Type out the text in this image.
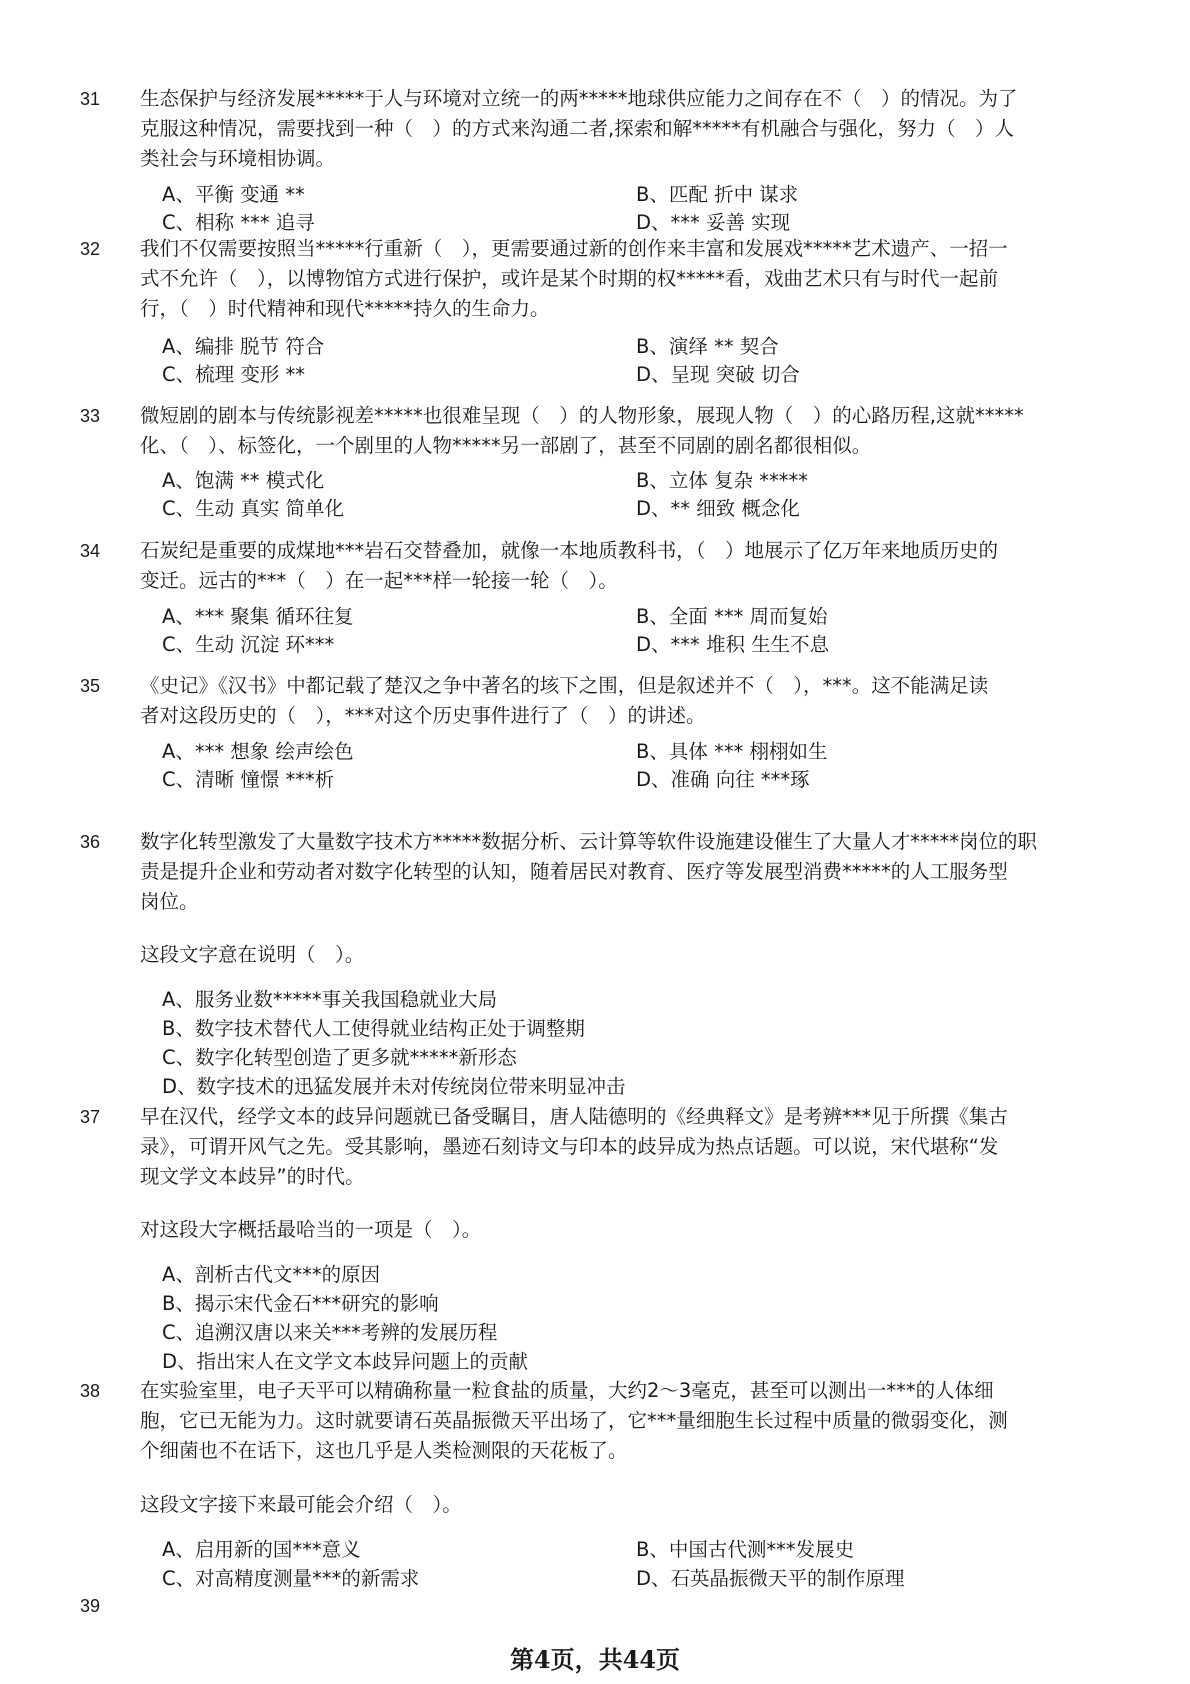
31 生态保护与经济发展*****于人与环境对立统一的两*****地球供应能力之间存在不（　）的情况。为了
克服这种情况，需要找到一种（　）的方式来沟通二者,探索和解*****有机融合与强化，努力（　）人
类社会与环境相协调。
A、平衡 变通 **	B、匹配 折中 谋求
C、相称 *** 追寻	D、*** 妥善 实现
32 我们不仅需要按照当*****行重新（　），更需要通过新的创作来丰富和发展戏*****艺术遗产、一招一
式不允许（　），以博物馆方式进行保护，或许是某个时期的权*****看，戏曲艺术只有与时代一起前
行，（　）时代精神和现代*****持久的生命力。
A、编排 脱节 符合	B、演绎 ** 契合
C、梳理 变形 **	D、呈现 突破 切合
33 微短剧的剧本与传统影视差*****也很难呈现（　）的人物形象，展现人物（　）的心路历程,这就*****
化、（　）、标签化，一个剧里的人物*****另一部剧了，甚至不同剧的剧名都很相似。
A、饱满 ** 模式化	B、立体 复杂 *****
C、生动 真实 简单化	D、** 细致 概念化
34 石炭纪是重要的成煤地***岩石交替叠加，就像一本地质教科书，（　）地展示了亿万年来地质历史的
变迁。远古的***（　）在一起***样一轮接一轮（　）。
A、*** 聚集 循环往复	B、全面 *** 周而复始
C、生动 沉淀 环***	D、*** 堆积 生生不息
35 《史记》《汉书》中都记载了楚汉之争中著名的垓下之围，但是叙述并不（　），***。这不能满足读
者对这段历史的（　），***对这个历史事件进行了（　）的讲述。
A、*** 想象 绘声绘色	B、具体 *** 栩栩如生
C、清晰 憧憬 ***析	D、准确 向往 ***琢
36 数字化转型激发了大量数字技术方*****数据分析、云计算等软件设施建设催生了大量人才*****岗位的职
责是提升企业和劳动者对数字化转型的认知，随着居民对教育、医疗等发展型消费*****的人工服务型
岗位。
这段文字意在说明（　）。
A、服务业数*****事关我国稳就业大局
B、数字技术替代人工使得就业结构正处于调整期
C、数字化转型创造了更多就*****新形态
D、数字技术的迅猛发展并未对传统岗位带来明显冲击
37 早在汉代，经学文本的歧异问题就已备受瞩目，唐人陆德明的《经典释文》是考辨***见于所撰《集古
录》，可谓开风气之先。受其影响，墨迹石刻诗文与印本的歧异成为热点话题。可以说，宋代堪称“发
现文学文本歧异”的时代。
对这段大字概括最哈当的一项是（　）。
A、剖析古代文***的原因
B、揭示宋代金石***研究的影响
C、追溯汉唐以来关***考辨的发展历程
D、指出宋人在文学文本歧异问题上的贡献
38 在实验室里，电子天平可以精确称量一粒食盐的质量，大约2～3毫克，甚至可以测出一***的人体细
胞，它已无能为力。这时就要请石英晶振微天平出场了，它***量细胞生长过程中质量的微弱变化，测
个细菌也不在话下，这也几乎是人类检测限的天花板了。
这段文字接下来最可能会介绍（　）。
A、启用新的国***意义	B、中国古代测***发展史
C、对高精度测量***的新需求	D、石英晶振微天平的制作原理
39
第4页，共44页
